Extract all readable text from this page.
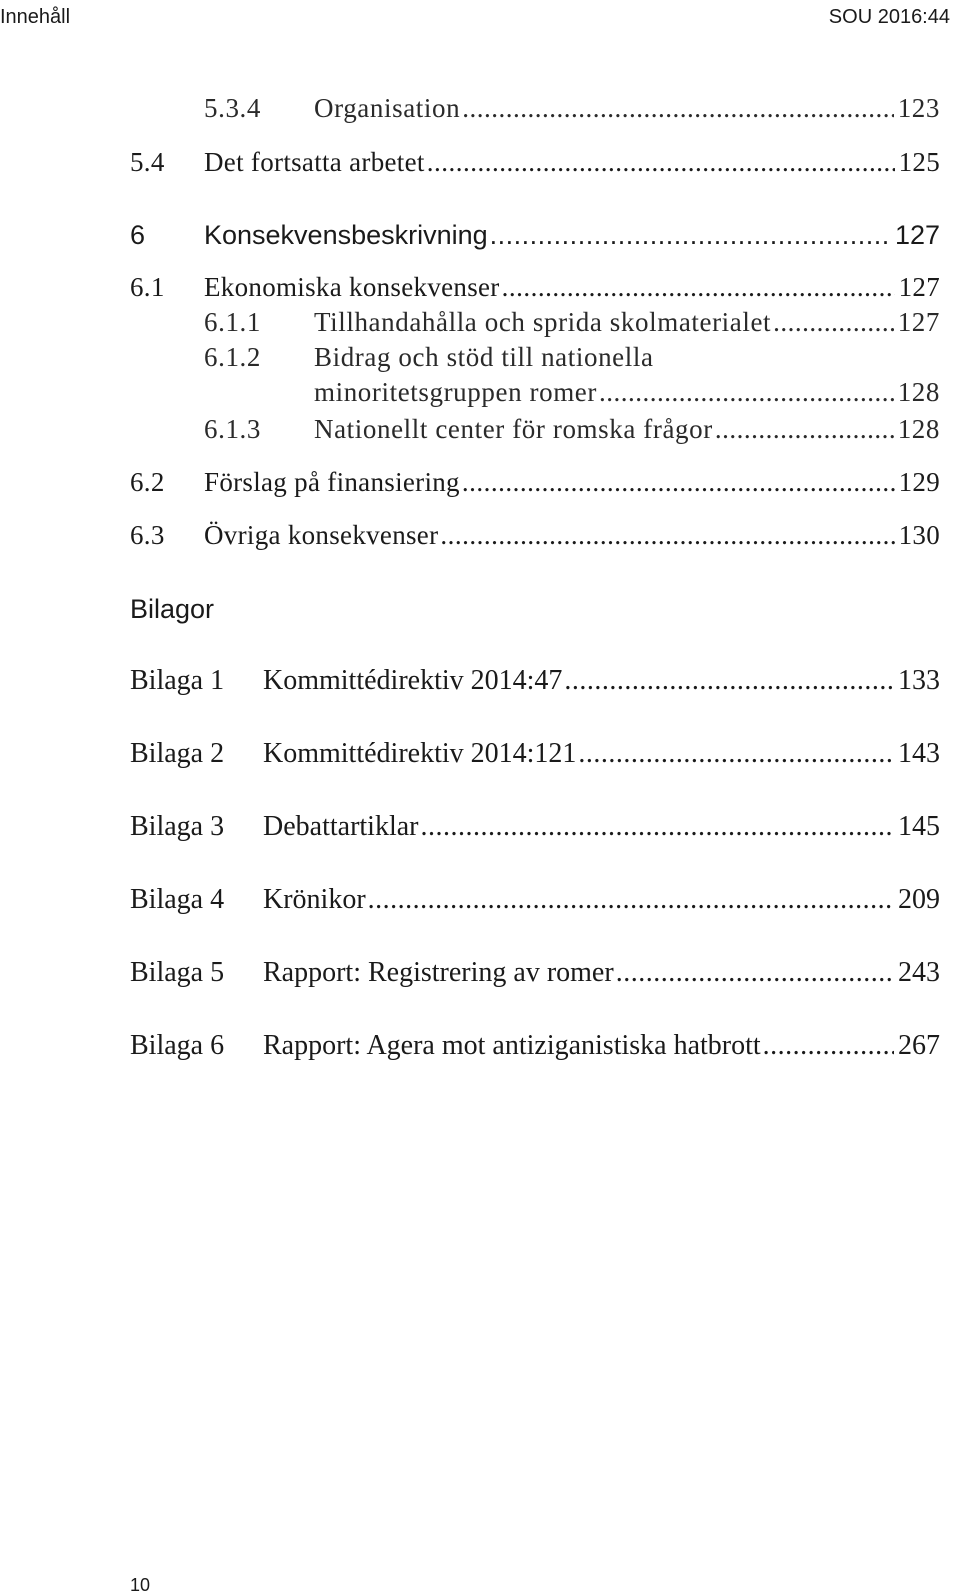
Innehåll	SOU 2016:44
5.3.4	Organisation .....	123
5.4	Det fortsatta arbetet .....	125
6	Konsekvensbeskrivning .....	127
6.1	Ekonomiska konsekvenser .....	127
6.1.1	Tillhandahålla och sprida skolmaterialet .....	127
6.1.2	Bidrag och stöd till nationella
minoritetsgruppen romer .....	128
6.1.3	Nationellt center för romska frågor .....	128
6.2	Förslag på finansiering .....	129
6.3	Övriga konsekvenser .....	130
Bilagor
Bilaga 1	Kommittédirektiv 2014:47 .....	133
Bilaga 2	Kommittédirektiv 2014:121 .....	143
Bilaga 3	Debattartiklar .....	145
Bilaga 4	Krönikor .....	209
Bilaga 5	Rapport: Registrering av romer .....	243
Bilaga 6	Rapport: Agera mot antiziganistiska hatbrott .....	267
10
